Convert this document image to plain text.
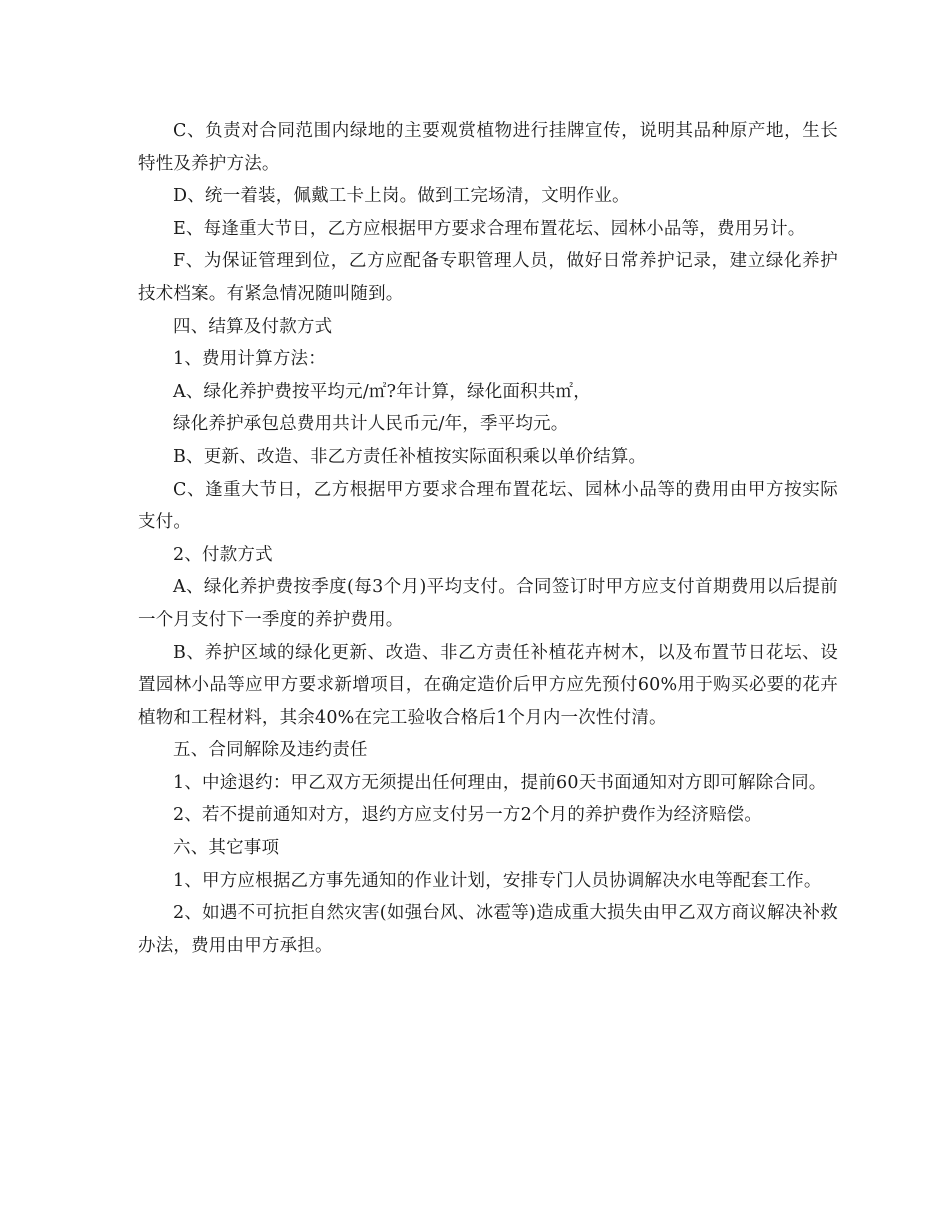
C、负责对合同范围内绿地的主要观赏植物进行挂牌宣传，说明其品种原产地，生长特性及养护方法。

D、统一着装，佩戴工卡上岗。做到工完场清，文明作业。

E、每逢重大节日，乙方应根据甲方要求合理布置花坛、园林小品等，费用另计。

F、为保证管理到位，乙方应配备专职管理人员，做好日常养护记录，建立绿化养护技术档案。有紧急情况随叫随到。

四、结算及付款方式

1、费用计算方法：

A、绿化养护费按平均元/㎡?年计算，绿化面积共㎡，

绿化养护承包总费用共计人民币元/年，季平均元。

B、更新、改造、非乙方责任补植按实际面积乘以单价结算。

C、逢重大节日，乙方根据甲方要求合理布置花坛、园林小品等的费用由甲方按实际支付。

2、付款方式

A、绿化养护费按季度(每3个月)平均支付。合同签订时甲方应支付首期费用以后提前一个月支付下一季度的养护费用。

B、养护区域的绿化更新、改造、非乙方责任补植花卉树木，以及布置节日花坛、设置园林小品等应甲方要求新增项目，在确定造价后甲方应先预付60%用于购买必要的花卉植物和工程材料，其余40%在完工验收合格后1个月内一次性付清。

五、合同解除及违约责任

1、中途退约：甲乙双方无须提出任何理由，提前60天书面通知对方即可解除合同。

2、若不提前通知对方，退约方应支付另一方2个月的养护费作为经济赔偿。

六、其它事项

1、甲方应根据乙方事先通知的作业计划，安排专门人员协调解决水电等配套工作。

2、如遇不可抗拒自然灾害(如强台风、冰雹等)造成重大损失由甲乙双方商议解决补救办法，费用由甲方承担。
